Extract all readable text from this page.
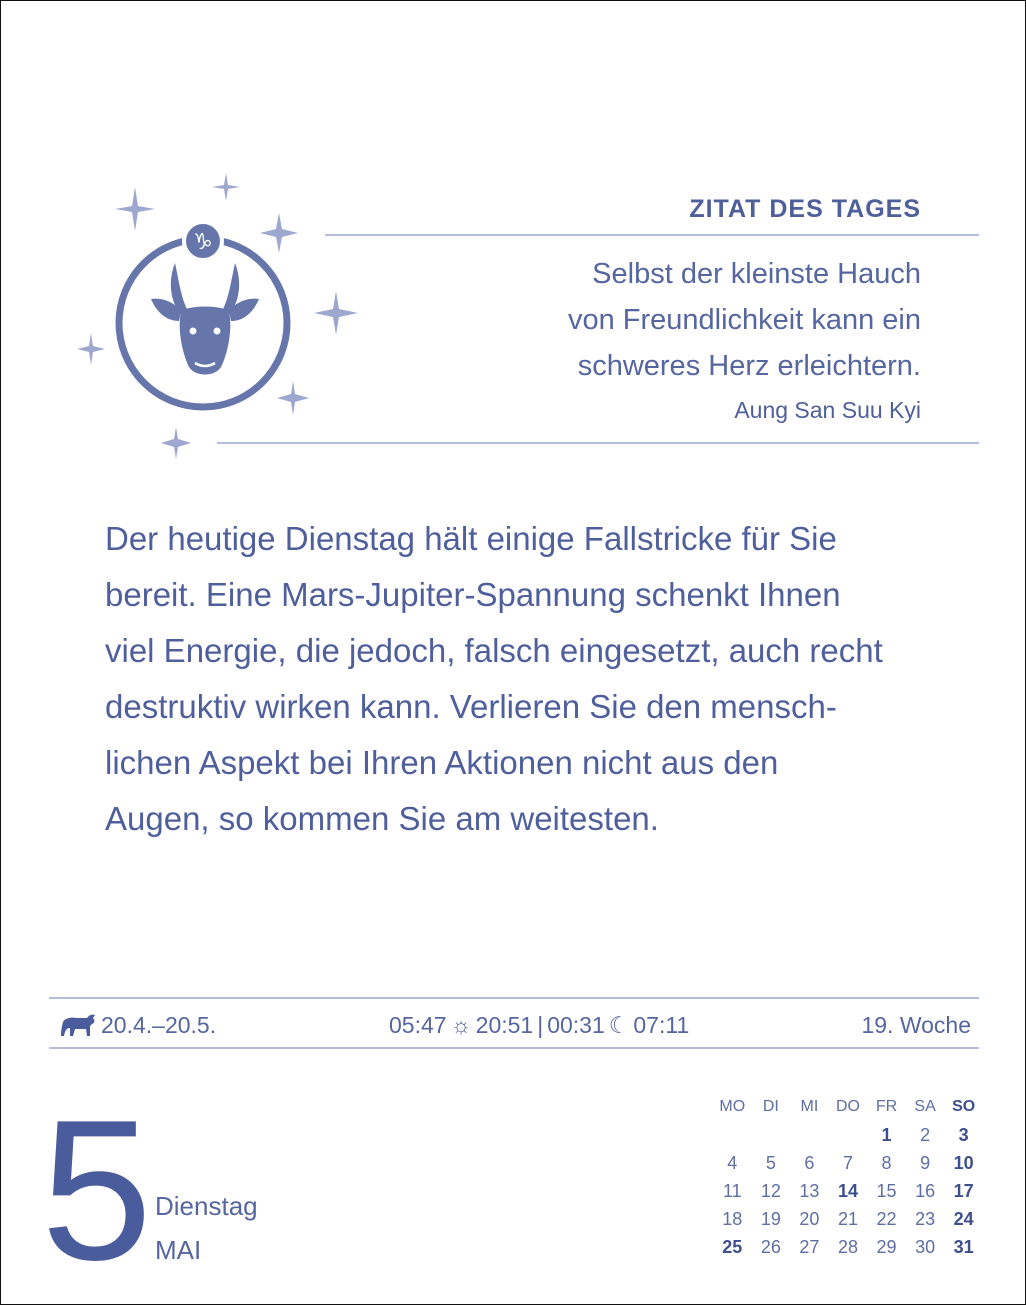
♑
ZITAT DES TAGES
Selbst der kleinste Hauch
von Freundlichkeit kann ein
schweres Herz erleichtern.
Aung San Suu Kyi
Der heutige Dienstag hält einige Fallstricke für Sie
bereit. Eine Mars-Jupiter-Spannung schenkt Ihnen
viel Energie, die jedoch, falsch eingesetzt, auch recht
destruktiv wirken kann. Verlieren Sie den mensch-
lichen Aspekt bei Ihren Aktionen nicht aus den
Augen, so kommen Sie am weitesten.
20.4.–20.5.	05:47 ☼ 20:51 | 00:31 ☾ 07:11	19. Woche
5 Dienstag
MAI
MO	DI	MI	DO	FR	SA	SO
				1	2	3
4	5	6	7	8	9	10
11	12	13	14	15	16	17
18	19	20	21	22	23	24
25	26	27	28	29	30	31
